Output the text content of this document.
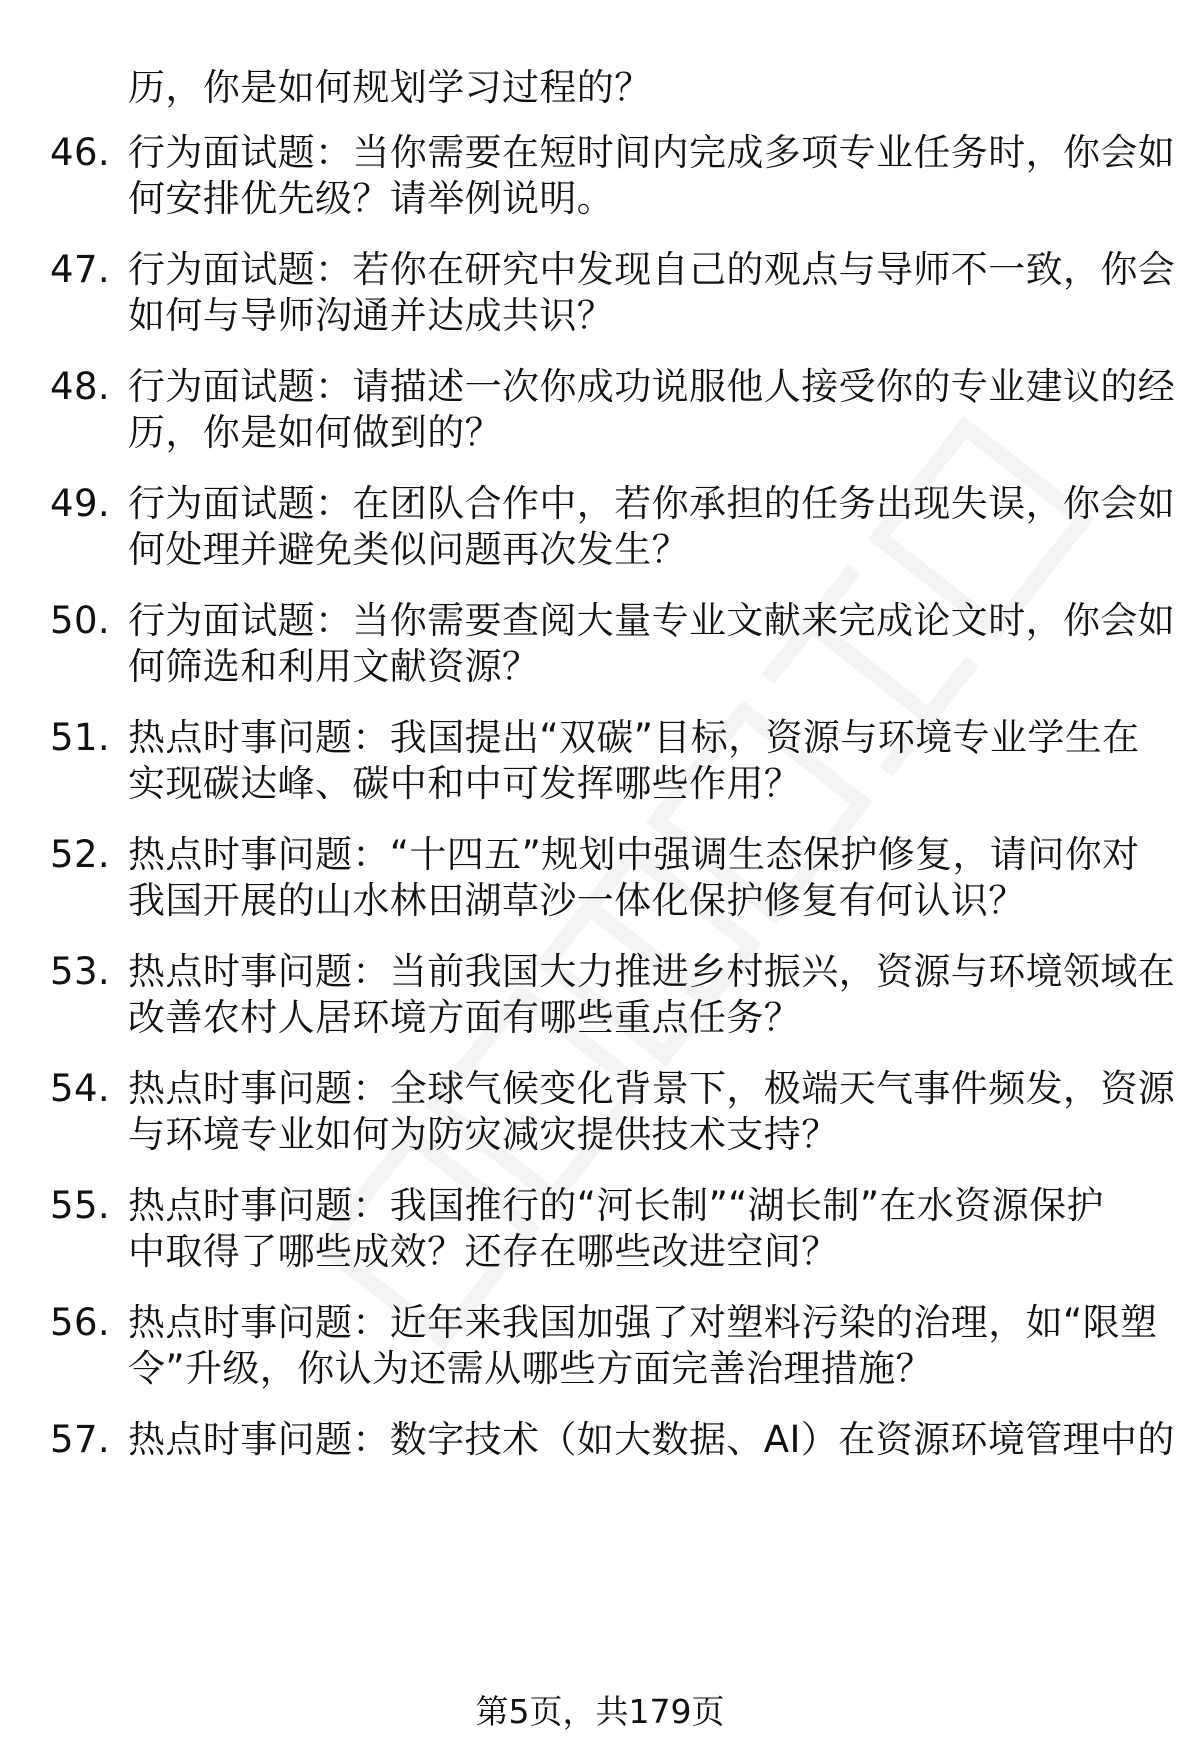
历，你是如何规划学习过程的？
46. 行为面试题：当你需要在短时间内完成多项专业任务时，你会如
何安排优先级？请举例说明。
47. 行为面试题：若你在研究中发现自己的观点与导师不一致，你会
如何与导师沟通并达成共识？
48. 行为面试题：请描述一次你成功说服他人接受你的专业建议的经
历，你是如何做到的？
49. 行为面试题：在团队合作中，若你承担的任务出现失误，你会如
何处理并避免类似问题再次发生？
50. 行为面试题：当你需要查阅大量专业文献来完成论文时，你会如
何筛选和利用文献资源？
51. 热点时事问题：我国提出“双碳”目标，资源与环境专业学生在
实现碳达峰、碳中和中可发挥哪些作用？
52. 热点时事问题：“十四五”规划中强调生态保护修复，请问你对
我国开展的山水林田湖草沙一体化保护修复有何认识？
53. 热点时事问题：当前我国大力推进乡村振兴，资源与环境领域在
改善农村人居环境方面有哪些重点任务？
54. 热点时事问题：全球气候变化背景下，极端天气事件频发，资源
与环境专业如何为防灾减灾提供技术支持？
55. 热点时事问题：我国推行的“河长制”“湖长制”在水资源保护
中取得了哪些成效？还存在哪些改进空间？
56. 热点时事问题：近年来我国加强了对塑料污染的治理，如“限塑
令”升级，你认为还需从哪些方面完善治理措施？
57. 热点时事问题：数字技术（如大数据、AI）在资源环境管理中的
第5页，共179页
